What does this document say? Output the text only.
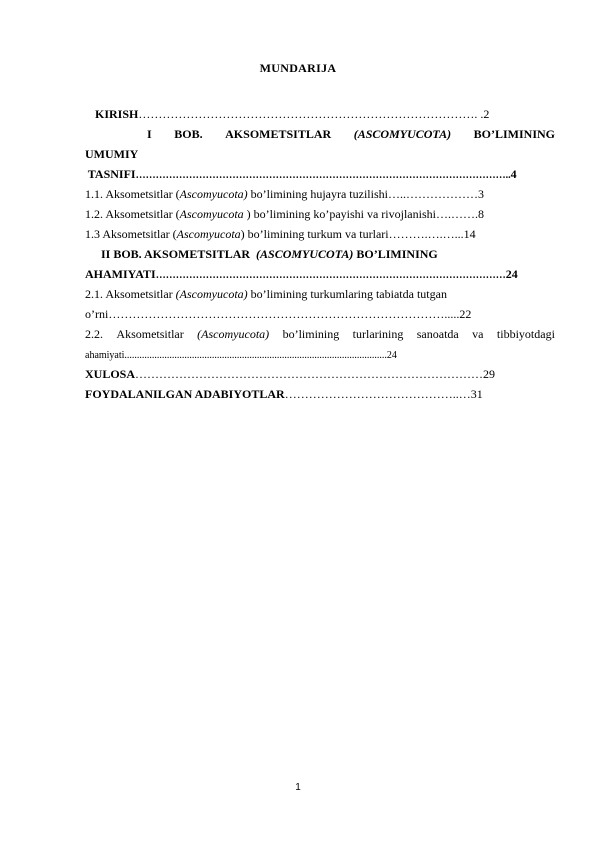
MUNDARIJA
KIRISH…………………………………………………………………………. .2
I BOB. AKSOMETSITLAR (ASCOMYUCOTA) BO’LIMINING
UMUMIY
TASNIFI…………………………………………………………………………………………………..4
1.1. Aksometsitlar (Ascomyucota) bo’limining hujayra tuzilishi…..………………3
1.2. Aksometsitlar (Ascomyucota ) bo’limining ko’payishi va rivojlanishi….…….8
1.3 Aksometsitlar (Ascomyucota) bo’limining turkum va turlari……….….…...14
II BOB. AKSOMETSITLAR  (ASCOMYUCOTA) BO’LIMINING
AHAMIYATI……………………………………………………………………………………………24
2.1. Aksometsitlar (Ascomyucota) bo’limining turkumlaring tabiatda tutgan
o’rni………………………………………………………………………….....22
2.2. Aksometsitlar (Ascomyucota) bo’limining turlarining sanoatda va tibbiyotdagi
ahamiyati.........................................................................................................24
XULOSA……………………………………………………………………………29
FOYDALANILGAN ADABIYOTLAR……………………………………..…31
1
